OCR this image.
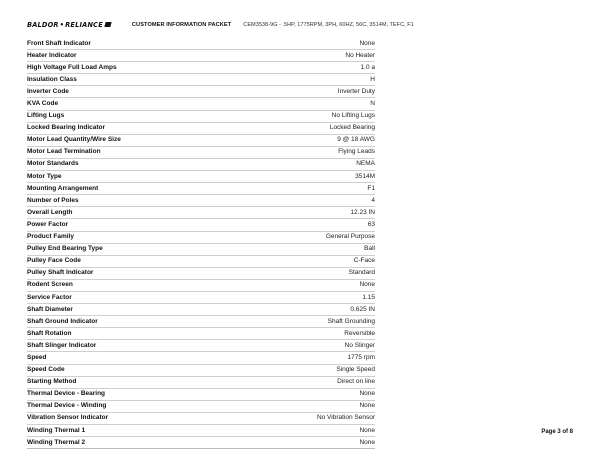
BALDOR•RELIANCE	CUSTOMER INFORMATION PACKET CEM3538-9G - .5HP, 1775RPM, 3PH, 60HZ, 56C, 3514M, TEFC, F1
Front Shaft Indicator	None
Heater Indicator	No Heater
High Voltage Full Load Amps	1.0 a
Insulation Class	H
Inverter Code	Inverter Duty
KVA Code	N
Lifting Lugs	No Lifting Lugs
Locked Bearing Indicator	Locked Bearing
Motor Lead Quantity/Wire Size	9 @ 18 AWG
Motor Lead Termination	Flying Leads
Motor Standards	NEMA
Motor Type	3514M
Mounting Arrangement	F1
Number of Poles	4
Overall Length	12.23 IN
Power Factor	63
Product Family	General Purpose
Pulley End Bearing Type	Ball
Pulley Face Code	C-Face
Pulley Shaft Indicator	Standard
Rodent Screen	None
Service Factor	1.15
Shaft Diameter	0.625 IN
Shaft Ground Indicator	Shaft Grounding
Shaft Rotation	Reversible
Shaft Slinger Indicator	No Slinger
Speed	1775 rpm
Speed Code	Single Speed
Starting Method	Direct on line
Thermal Device - Bearing	None
Thermal Device - Winding	None
Vibration Sensor Indicator	No Vibration Sensor
Winding Thermal 1	None
Winding Thermal 2	None
Page 3 of 8
